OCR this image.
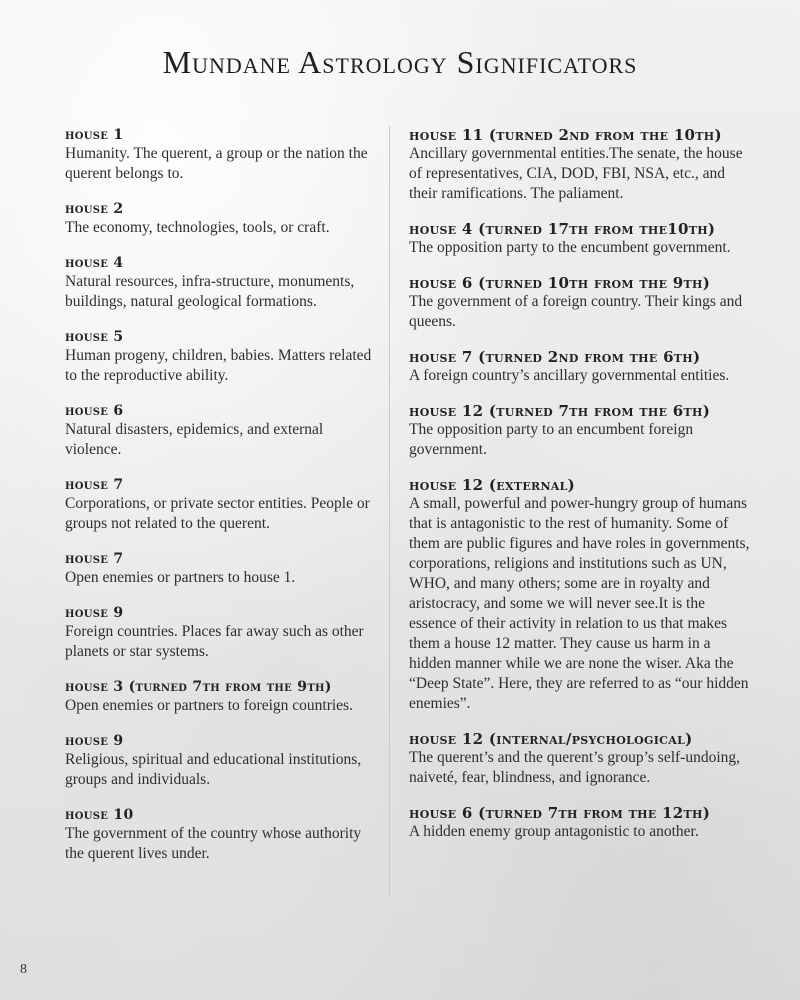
Mundane Astrology Significators

house 1

Humanity. The querent, a group or the nation the querent belongs to.

house 2

The economy, technologies, tools, or craft.

house 4

Natural resources, infra-structure, monuments, buildings, natural geological formations.

house 5

Human progeny, children, babies. Matters related to the reproductive ability.

house 6

Natural disasters, epidemics, and external violence.

house 7

Corporations, or private sector entities. People or groups not related to the querent.

house 7

Open enemies or partners to house 1.

house 9

Foreign countries. Places far away such as other planets or star systems.

house 3 (turned 7th from the 9th)

Open enemies or partners to foreign countries.

house 9

Religious, spiritual and educational institutions, groups and individuals.

house 10

The government of the country whose authority the querent lives under.

house 11 (turned 2nd from the 10th)

Ancillary governmental entities.The senate, the house of representatives, CIA, DOD, FBI, NSA, etc., and their ramifications. The paliament.

house 4 (turned 17th from the10th)

The opposition party to the encumbent government.

house 6 (turned 10th from the 9th)

The government of a foreign country. Their kings and queens.

house 7 (turned 2nd from the 6th)

A foreign country’s ancillary governmental entities.

house 12 (turned 7th from the 6th)

The opposition party to an encumbent foreign government.

house 12 (external)

A small, powerful and power-hungry group of humans that is antagonistic to the rest of humanity. Some of them are public figures and have roles in governments, corporations, religions and institutions such as UN, WHO, and many others; some are in royalty and aristocracy, and some we will never see.It is the essence of their activity in relation to us that makes them a house 12 matter. They cause us harm in a hidden manner while we are none the wiser. Aka the “Deep State”. Here, they are referred to as “our hidden enemies”.

house 12 (internal/psychological)

The querent’s and the querent’s group’s self-undoing, naiveté, fear, blindness, and ignorance.

house 6 (turned 7th from the 12th)

A hidden enemy group antagonistic to another.

8
